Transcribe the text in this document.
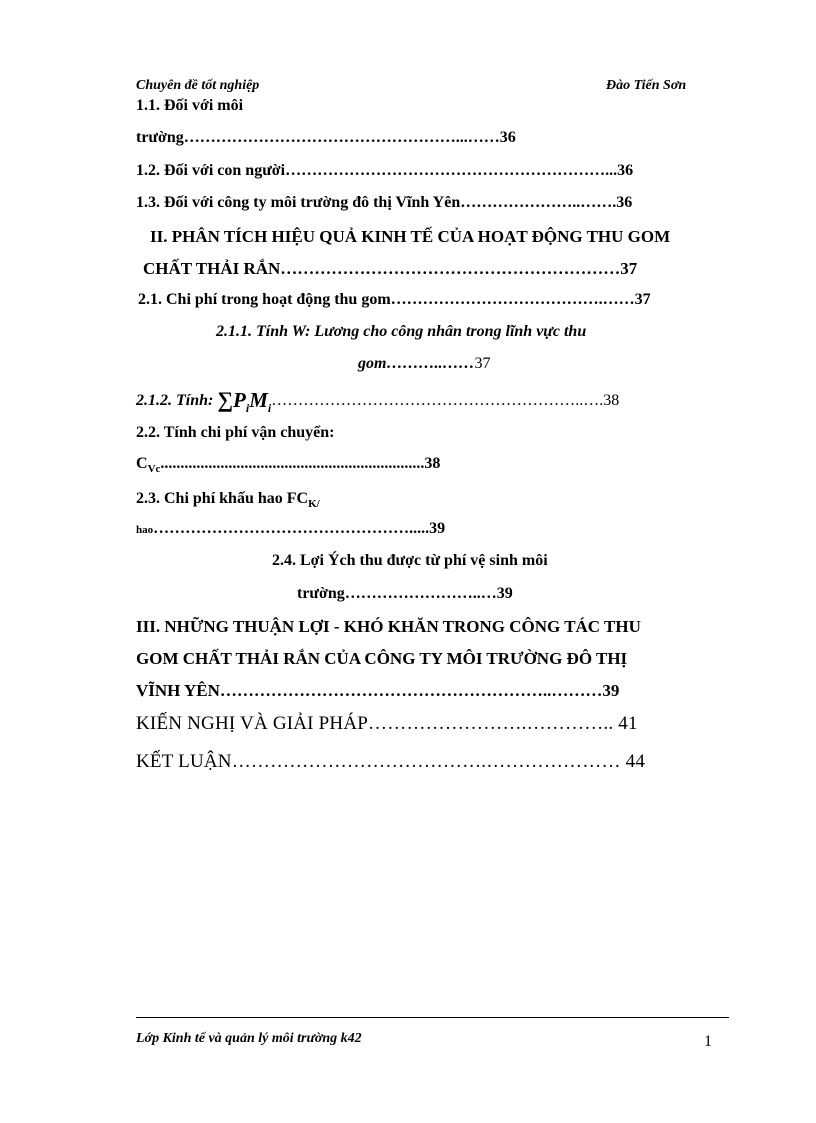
Chuyên đề tốt nghiệp	Đào Tiến Sơn
1.1. Đối với môi
trường……………………………………………...……36
1.2. Đối với con người……………………………………………………...36
1.3. Đối với công ty môi trường đô thị Vĩnh Yên…………………..…….36
II. PHÂN TÍCH HIỆU QUẢ KINH TẾ CỦA HOẠT ĐỘNG THU GOM
CHẤT THẢI RẮN……………………………………………………37
2.1. Chi phí trong hoạt động thu gom………………………………….……37
2.1.1. Tính W: Lương cho công nhân trong lĩnh vực thu
gom………..……37
2.1.2. Tính: $\sum P_iM_i\dots\dots\dots\dots\dots\dots\dots\dots\dots\dots\dots\dots\dots\dots\dots\dots\dots\dots\dots..\dots.38$
2.2. Tính chi phí vận chuyển:
$C_{Vc}..................................................................38$
2.3. Chi phí khấu hao $FC_{K/}$
hao………………………………………….....39
2.4. Lợi Ých thu được từ phí vệ sinh môi
trường……………………..…39
III. NHỮNG THUẬN LỢI - KHÓ KHĂN TRONG CÔNG TÁC THU
GOM CHẤT THẢI RẮN CỦA CÔNG TY MÔI TRƯỜNG ĐÔ THỊ
VĨNH YÊN…………………………………………………..………39
KIẾN NGHỊ VÀ GIẢI PHÁP…………………….………….. 41
KẾT LUẬN………………………………….………………… 44
Lớp Kinh tế và quản lý môi trường k42	1
